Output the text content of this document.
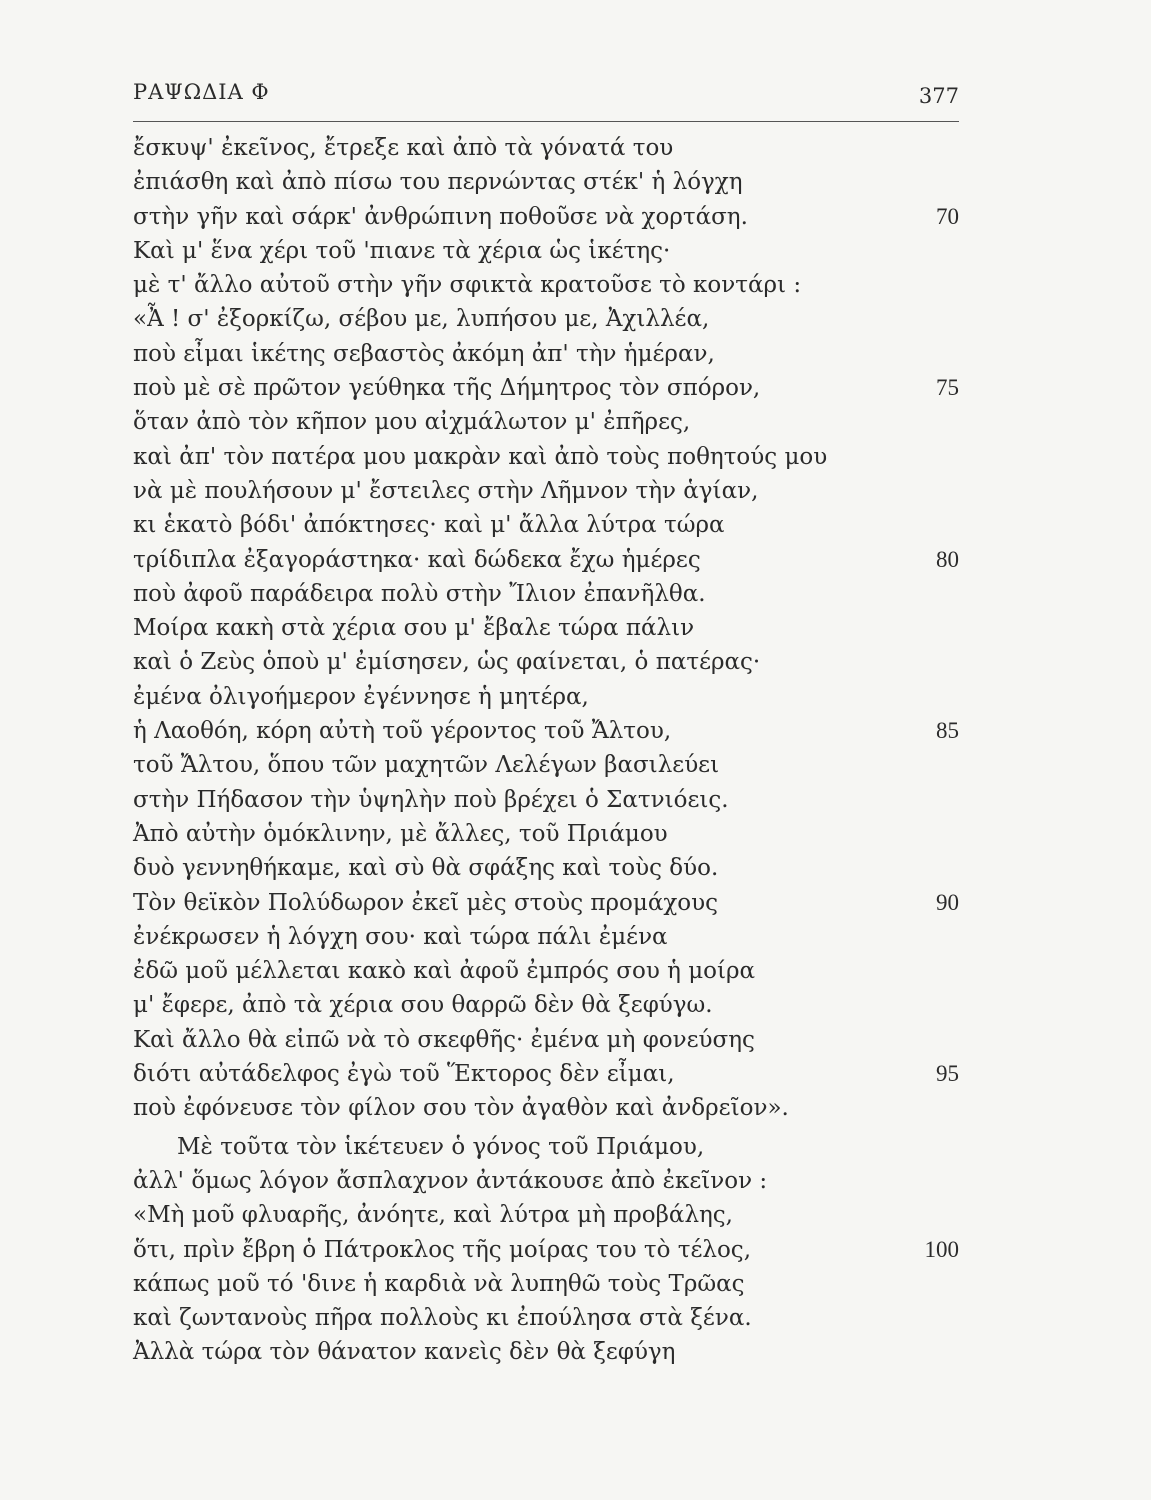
ΡΑΨΩΔΙΑ Φ	377
ἔσκυψ' ἐκεῖνος, ἔτρεξε καὶ ἀπὸ τὰ γόνατά του
ἐπιάσθη καὶ ἀπὸ πίσω του περνώντας στέκ' ἡ λόγχη
στὴν γῆν καὶ σάρκ' ἀνθρώπινη ποθοῦσε νὰ χορτάση.	70
Καὶ μ' ἕνα χέρι τοῦ 'πιανε τὰ χέρια ὡς ἱκέτης·
μὲ τ' ἄλλο αὐτοῦ στὴν γῆν σφικτὰ κρατοῦσε τὸ κοντάρι :
«Ἆ ! σ' ἐξορκίζω, σέβου με, λυπήσου με, Ἀχιλλέα,
ποὺ εἶμαι ἱκέτης σεβαστὸς ἀκόμη ἀπ' τὴν ἡμέραν,
ποὺ μὲ σὲ πρῶτον γεύθηκα τῆς Δήμητρος τὸν σπόρον,	75
ὅταν ἀπὸ τὸν κῆπον μου αἰχμάλωτον μ' ἐπῆρες,
καὶ ἀπ' τὸν πατέρα μου μακρὰν καὶ ἀπὸ τοὺς ποθητούς μου
νὰ μὲ πουλήσουν μ' ἔστειλες στὴν Λῆμνον τὴν ἁγίαν,
κι ἑκατὸ βόδι' ἀπόκτησες· καὶ μ' ἄλλα λύτρα τώρα
τρίδιπλα ἐξαγοράστηκα· καὶ δώδεκα ἔχω ἡμέρες	80
ποὺ ἀφοῦ παράδειρα πολὺ στὴν Ἴλιον ἐπανῆλθα.
Μοίρα κακὴ στὰ χέρια σου μ' ἔβαλε τώρα πάλιν
καὶ ὁ Ζεὺς ὁποὺ μ' ἐμίσησεν, ὡς φαίνεται, ὁ πατέρας·
ἐμένα ὀλιγοήμερον ἐγέννησε ἡ μητέρα,
ἡ Λαοθόη, κόρη αὐτὴ τοῦ γέροντος τοῦ Ἄλτου,	85
τοῦ Ἄλτου, ὅπου τῶν μαχητῶν Λελέγων βασιλεύει
στὴν Πήδασον τὴν ὑψηλὴν ποὺ βρέχει ὁ Σατνιόεις.
Ἀπὸ αὐτὴν ὁμόκλινην, μὲ ἄλλες, τοῦ Πριάμου
δυὸ γεννηθήκαμε, καὶ σὺ θὰ σφάξης καὶ τοὺς δύο.
Τὸν θεϊκὸν Πολύδωρον ἐκεῖ μὲς στοὺς προμάχους	90
ἐνέκρωσεν ἡ λόγχη σου· καὶ τώρα πάλι ἐμένα
ἐδῶ μοῦ μέλλεται κακὸ καὶ ἀφοῦ ἐμπρός σου ἡ μοίρα
μ' ἔφερε, ἀπὸ τὰ χέρια σου θαρρῶ δὲν θὰ ξεφύγω.
Καὶ ἄλλο θὰ εἰπῶ νὰ τὸ σκεφθῆς· ἐμένα μὴ φονεύσης
διότι αὐτάδελφος ἐγὼ τοῦ Ἕκτορος δὲν εἶμαι,	95
ποὺ ἐφόνευσε τὸν φίλον σου τὸν ἀγαθὸν καὶ ἀνδρεῖον».
Μὲ τοῦτα τὸν ἱκέτευεν ὁ γόνος τοῦ Πριάμου,
ἀλλ' ὅμως λόγον ἄσπλαχνον ἀντάκουσε ἀπὸ ἐκεῖνον :
«Μὴ μοῦ φλυαρῆς, ἀνόητε, καὶ λύτρα μὴ προβάλης,
ὅτι, πρὶν ἔβρη ὁ Πάτροκλος τῆς μοίρας του τὸ τέλος,	100
κάπως μοῦ τό 'δινε ἡ καρδιὰ νὰ λυπηθῶ τοὺς Τρῶας
καὶ ζωντανοὺς πῆρα πολλοὺς κι ἐπούλησα στὰ ξένα.
Ἀλλὰ τώρα τὸν θάνατον κανεὶς δὲν θὰ ξεφύγη
